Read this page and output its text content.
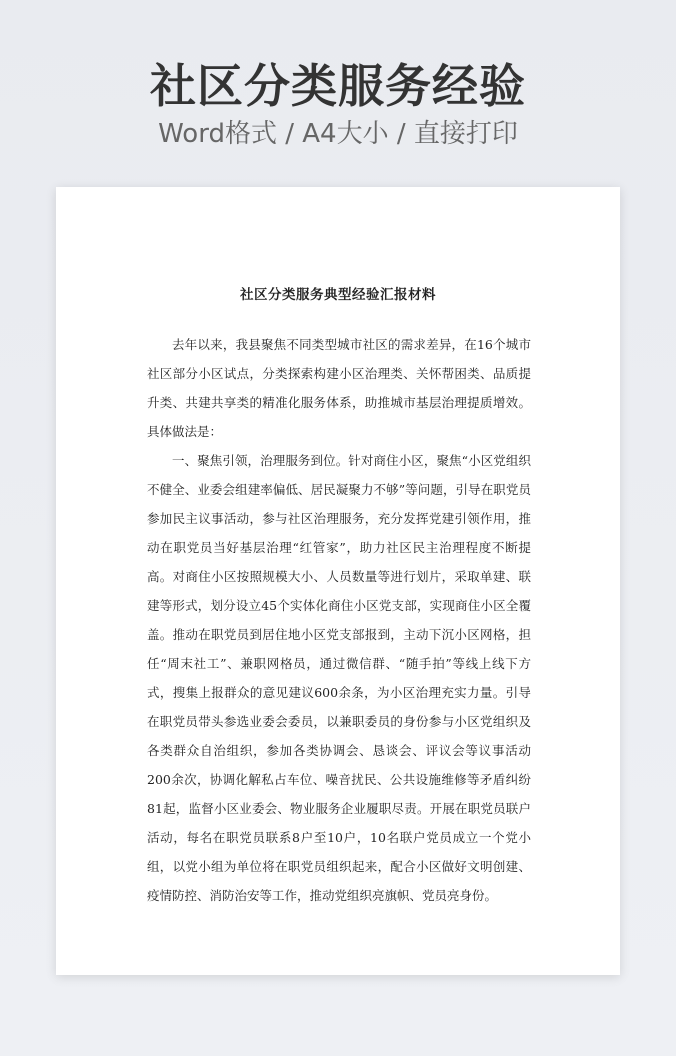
社区分类服务经验
Word格式 / A4大小 / 直接打印
社区分类服务典型经验汇报材料

去年以来，我县聚焦不同类型城市社区的需求差异，在16个城市社区部分小区试点，分类探索构建小区治理类、关怀帮困类、品质提升类、共建共享类的精准化服务体系，助推城市基层治理提质增效。具体做法是：

一、聚焦引领，治理服务到位。针对商住小区，聚焦“小区党组织不健全、业委会组建率偏低、居民凝聚力不够”等问题，引导在职党员参加民主议事活动，参与社区治理服务，充分发挥党建引领作用，推动在职党员当好基层治理“红管家”，助力社区民主治理程度不断提高。对商住小区按照规模大小、人员数量等进行划片，采取单建、联建等形式，划分设立45个实体化商住小区党支部，实现商住小区全覆盖。推动在职党员到居住地小区党支部报到，主动下沉小区网格，担任“周末社工”、兼职网格员，通过微信群、“随手拍”等线上线下方式，搜集上报群众的意见建议600余条，为小区治理充实力量。引导在职党员带头参选业委会委员，以兼职委员的身份参与小区党组织及各类群众自治组织，参加各类协调会、恳谈会、评议会等议事活动200余次，协调化解私占车位、噪音扰民、公共设施维修等矛盾纠纷81起，监督小区业委会、物业服务企业履职尽责。开展在职党员联户活动，每名在职党员联系8户至10户，10名联户党员成立一个党小组，以党小组为单位将在职党员组织起来，配合小区做好文明创建、疫情防控、消防治安等工作，推动党组织亮旗帜、党员亮身份。
